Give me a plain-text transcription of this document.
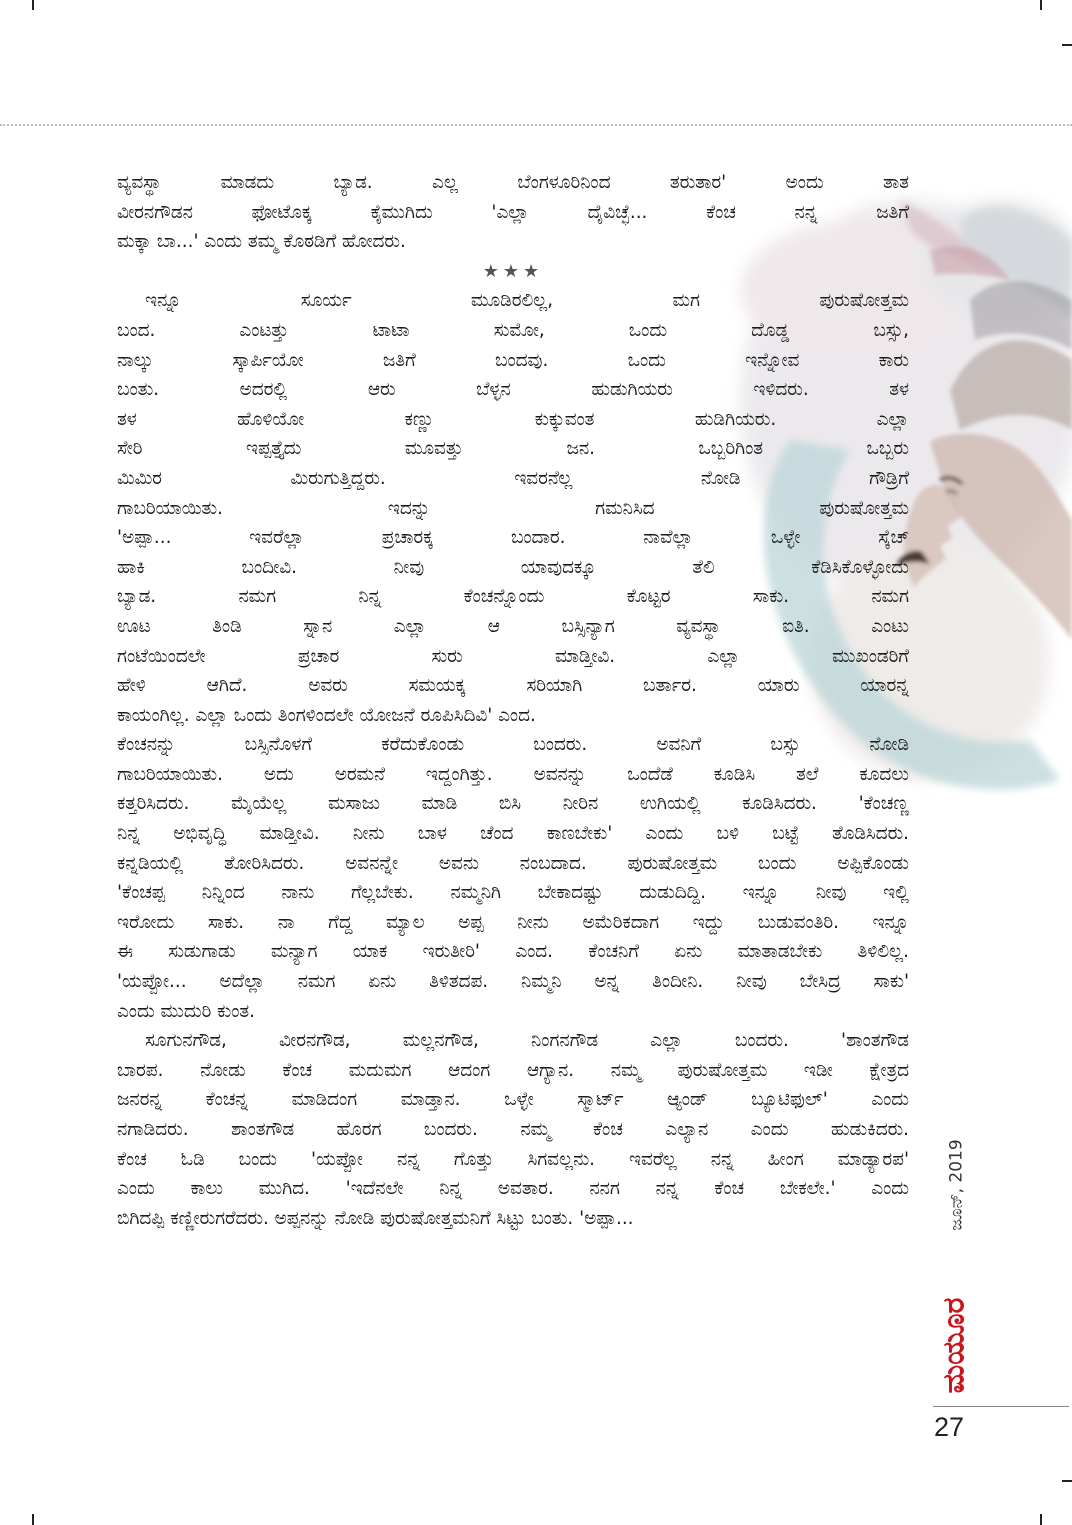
ವ್ಯವಸ್ಥಾ ಮಾಡದು ಬ್ಯಾಡ. ಎಲ್ಲ ಬೆಂಗಳೂರಿನಿಂದ ತರುತಾರ' ಅಂದು ತಾತ
ವೀರನಗೌಡನ ಫೋಟೊಕ್ಕ ಕೈಮುಗಿದು 'ಎಲ್ಲಾ ದೈವಿಚ್ಛೆ... ಕೆಂಚ ನನ್ನ ಜತಿಗೆ
ಮಕ್ಕಾ ಬಾ...' ಎಂದು ತಮ್ಮ ಕೊಠಡಿಗೆ ಹೋದರು.
★★★
ಇನ್ನೂ ಸೂರ್ಯ ಮೂಡಿರಲಿಲ್ಲ, ಮಗ ಪುರುಷೋತ್ತಮ
ಬಂದ. ಎಂಟತ್ತು ಟಾಟಾ ಸುಮೋ, ಒಂದು ದೊಡ್ಡ ಬಸ್ಸು,
ನಾಲ್ಕು ಸ್ಕಾರ್ಪಿಯೋ ಜತಿಗೆ ಬಂದವು. ಒಂದು ಇನ್ನೋವ ಕಾರು
ಬಂತು. ಅದರಲ್ಲಿ ಆರು ಬೆಳ್ಳನ ಹುಡುಗಿಯರು ಇಳಿದರು. ತಳ
ತಳ ಹೊಳಿಯೋ ಕಣ್ಣು ಕುಕ್ಕುವಂತ ಹುಡಿಗಿಯರು. ಎಲ್ಲಾ
ಸೇರಿ ಇಪ್ಪತ್ತೈದು ಮೂವತ್ತು ಜನ. ಒಬ್ಬರಿಗಿಂತ ಒಬ್ಬರು
ಮಿಮಿರ ಮಿರುಗುತ್ತಿದ್ದರು. ಇವರನೆಲ್ಲ ನೋಡಿ ಗೌಡ್ರಿಗೆ
ಗಾಬರಿಯಾಯಿತು. ಇದನ್ನು ಗಮನಿಸಿದ ಪುರುಷೋತ್ತಮ
'ಅಪ್ಪಾ... ಇವರೆಲ್ಲಾ ಪ್ರಚಾರಕ್ಕ ಬಂದಾರ. ನಾವೆಲ್ಲಾ ಒಳ್ಳೇ ಸ್ಕೆಚ್
ಹಾಕಿ ಬಂದೀವಿ. ನೀವು ಯಾವುದಕ್ಕೂ ತೆಲಿ ಕೆಡಿಸಿಕೊಳ್ಳೋದು
ಬ್ಯಾಡ. ನಮಗ ನಿನ್ನ ಕೆಂಚನ್ನೊಂದು ಕೊಟ್ಟರ ಸಾಕು. ನಮಗ
ಊಟ ತಿಂಡಿ ಸ್ನಾನ ಎಲ್ಲಾ ಆ ಬಸ್ಸಿನ್ಯಾಗ ವ್ಯವಸ್ಥಾ ಐತಿ. ಎಂಟು
ಗಂಟೆಯಿಂದಲೇ ಪ್ರಚಾರ ಸುರು ಮಾಡ್ತೀವಿ. ಎಲ್ಲಾ ಮುಖಂಡರಿಗೆ
ಹೇಳಿ ಆಗಿದೆ. ಅವರು ಸಮಯಕ್ಕ ಸರಿಯಾಗಿ ಬರ್ತಾರ. ಯಾರು ಯಾರನ್ನ
ಕಾಯಂಗಿಲ್ಲ. ಎಲ್ಲಾ ಒಂದು ತಿಂಗಳಿಂದಲೇ ಯೋಜನೆ ರೂಪಿಸಿದಿವಿ' ಎಂದ.
ಕೆಂಚನನ್ನು ಬಸ್ಸಿನೊಳಗೆ ಕರೆದುಕೊಂಡು ಬಂದರು. ಅವನಿಗೆ ಬಸ್ಸು ನೋಡಿ
ಗಾಬರಿಯಾಯಿತು. ಅದು ಅರಮನೆ ಇದ್ದಂಗಿತ್ತು. ಅವನನ್ನು ಒಂದೆಡೆ ಕೂಡಿಸಿ ತಲೆ ಕೂದಲು
ಕತ್ತರಿಸಿದರು. ಮೈಯೆಲ್ಲ ಮಸಾಜು ಮಾಡಿ ಬಿಸಿ ನೀರಿನ ಉಗಿಯಲ್ಲಿ ಕೂಡಿಸಿದರು. 'ಕೆಂಚಣ್ಣ
ನಿನ್ನ ಅಭಿವೃದ್ಧಿ ಮಾಡ್ತೀವಿ. ನೀನು ಬಾಳ ಚೆಂದ ಕಾಣಬೇಕು' ಎಂದು ಬಳಿ ಬಟ್ಟೆ ತೊಡಿಸಿದರು.
ಕನ್ನಡಿಯಲ್ಲಿ ತೋರಿಸಿದರು. ಅವನನ್ನೇ ಅವನು ನಂಬದಾದ. ಪುರುಷೋತ್ತಮ ಬಂದು ಅಪ್ಪಿಕೊಂಡು
'ಕೆಂಚಪ್ಪ ನಿನ್ನಿಂದ ನಾನು ಗೆಲ್ಲಬೇಕು. ನಮ್ಮನಿಗಿ ಬೇಕಾದಷ್ಟು ದುಡುದಿದ್ದಿ. ಇನ್ನೂ ನೀವು ಇಲ್ಲಿ
ಇರೋದು ಸಾಕು. ನಾ ಗೆದ್ದ ಮ್ಯಾಲ ಅಪ್ಪ ನೀನು ಅಮೆರಿಕದಾಗ ಇದ್ದು ಬುಡುವಂತಿರಿ. ಇನ್ನೂ
ಈ ಸುಡುಗಾಡು ಮನ್ಯಾಗ ಯಾಕ ಇರುತೀರಿ' ಎಂದ. ಕೆಂಚನಿಗೆ ಏನು ಮಾತಾಡಬೇಕು ತಿಳಿಲಿಲ್ಲ.
'ಯಪ್ಪೋ... ಅದೆಲ್ಲಾ ನಮಗ ಏನು ತಿಳಿತದಪ. ನಿಮ್ಮನಿ ಅನ್ನ ತಿಂದೀನಿ. ನೀವು ಬೇಸಿದ್ರ ಸಾಕು'
ಎಂದು ಮುದುರಿ ಕುಂತ.
ಸೂಗುನಗೌಡ, ವೀರನಗೌಡ, ಮಲ್ಲನಗೌಡ, ನಿಂಗನಗೌಡ ಎಲ್ಲಾ ಬಂದರು. 'ಶಾಂತಗೌಡ
ಬಾರಪ. ನೋಡು ಕೆಂಚ ಮದುಮಗ ಆದಂಗ ಆಗ್ಯಾನ. ನಮ್ಮ ಪುರುಷೋತ್ತಮ ಇಡೀ ಕ್ಷೇತ್ರದ
ಜನರನ್ನ ಕೆಂಚನ್ನ ಮಾಡಿದಂಗ ಮಾಡ್ತಾನ. ಒಳ್ಳೇ ಸ್ಮಾರ್ಟ್ ಆ್ಯಂಡ್ ಬ್ಯೂಟಿಫುಲ್' ಎಂದು
ನಗಾಡಿದರು. ಶಾಂತಗೌಡ ಹೊರಗ ಬಂದರು. ನಮ್ಮ ಕೆಂಚ ಎಲ್ಯಾನ ಎಂದು ಹುಡುಕಿದರು.
ಕೆಂಚ ಓಡಿ ಬಂದು 'ಯಪ್ಪೋ ನನ್ನ ಗೊತ್ತು ಸಿಗವಲ್ಲನು. ಇವರೆಲ್ಲ ನನ್ನ ಹೀಂಗ ಮಾಡ್ಯಾರಪ'
ಎಂದು ಕಾಲು ಮುಗಿದ. 'ಇದೆನಲೇ ನಿನ್ನ ಅವತಾರ. ನನಗ ನನ್ನ ಕೆಂಚ ಬೇಕಲೇ.' ಎಂದು
ಬಿಗಿದಪ್ಪಿ ಕಣ್ಣೀರುಗರೆದರು. ಅಪ್ಪನನ್ನು ನೋಡಿ ಪುರುಷೋತ್ತಮನಿಗೆ ಸಿಟ್ಟು ಬಂತು. 'ಅಪ್ಪಾ...	ಜೂನ್, 2019
ಮಯೂರ
27
